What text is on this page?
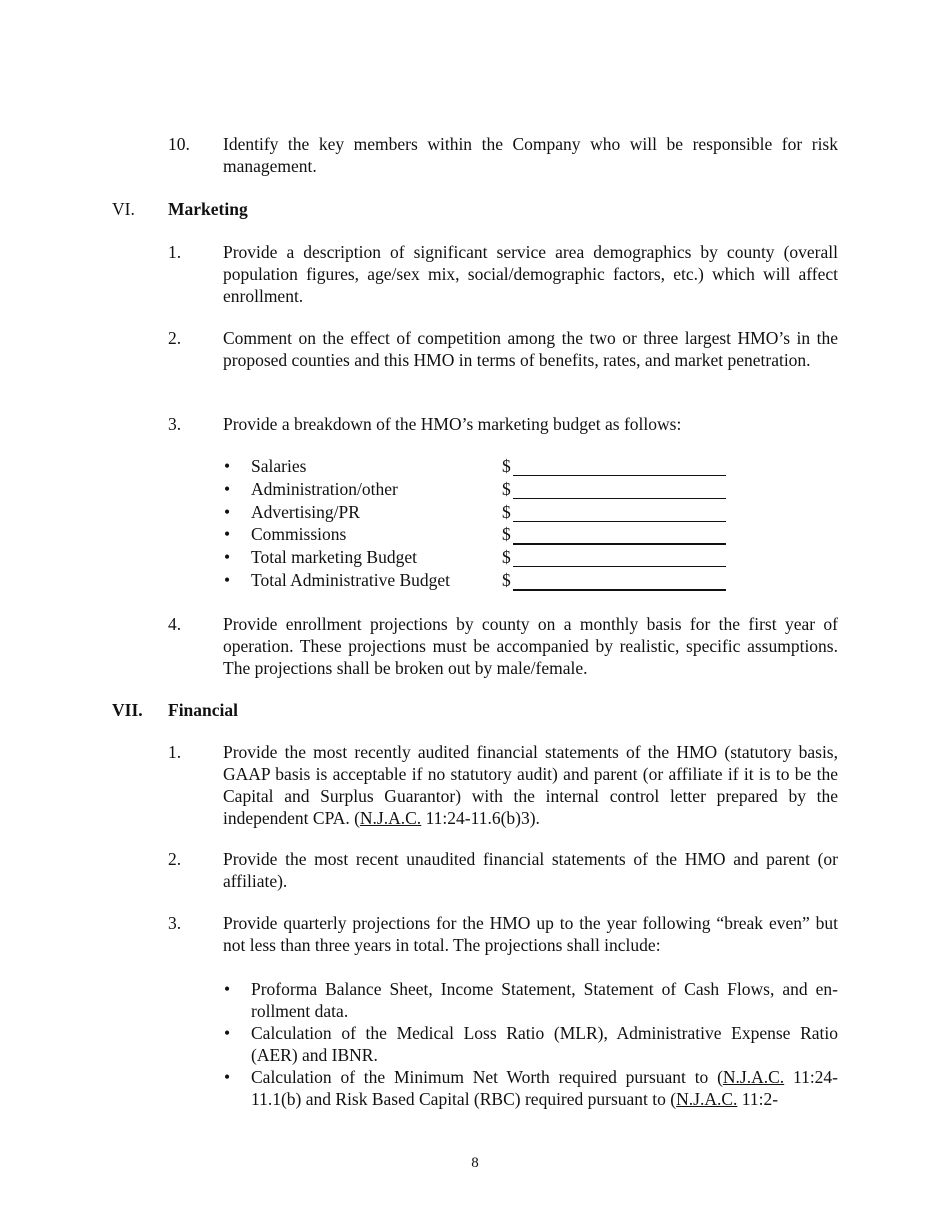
10.	Identify the key members within the Company who will be responsible for risk management.
VI. Marketing
1.	Provide a description of significant service area demographics by county (overall population figures, age/sex mix, social/demographic factors, etc.) which will affect enrollment.
2.	Comment on the effect of competition among the two or three largest HMO’s in the proposed counties and this HMO in terms of benefits, rates, and market penetration.
3.	Provide a breakdown of the HMO’s marketing budget as follows:
• Salaries	$
• Administration/other	$
• Advertising/PR	$
• Commissions	$
• Total marketing Budget	$
• Total Administrative Budget	$
4.	Provide enrollment projections by county on a monthly basis for the first year of operation. These projections must be accompanied by realistic, specific assumptions. The projections shall be broken out by male/female.
VII. Financial
1.	Provide the most recently audited financial statements of the HMO (statutory basis, GAAP basis is acceptable if no statutory audit) and parent (or affiliate if it is to be the Capital and Surplus Guarantor) with the internal control letter prepared by the independent CPA. (N.J.A.C. 11:24-11.6(b)3).
2.	Provide the most recent unaudited financial statements of the HMO and parent (or affiliate).
3.	Provide quarterly projections for the HMO up to the year following “break even” but not less than three years in total. The projections shall include:
• Proforma Balance Sheet, Income Statement, Statement of Cash Flows, and enrollment data.
• Calculation of the Medical Loss Ratio (MLR), Administrative Expense Ratio (AER) and IBNR.
• Calculation of the Minimum Net Worth required pursuant to (N.J.A.C. 11:24-11.1(b) and Risk Based Capital (RBC) required pursuant to (N.J.A.C. 11:2-
8
